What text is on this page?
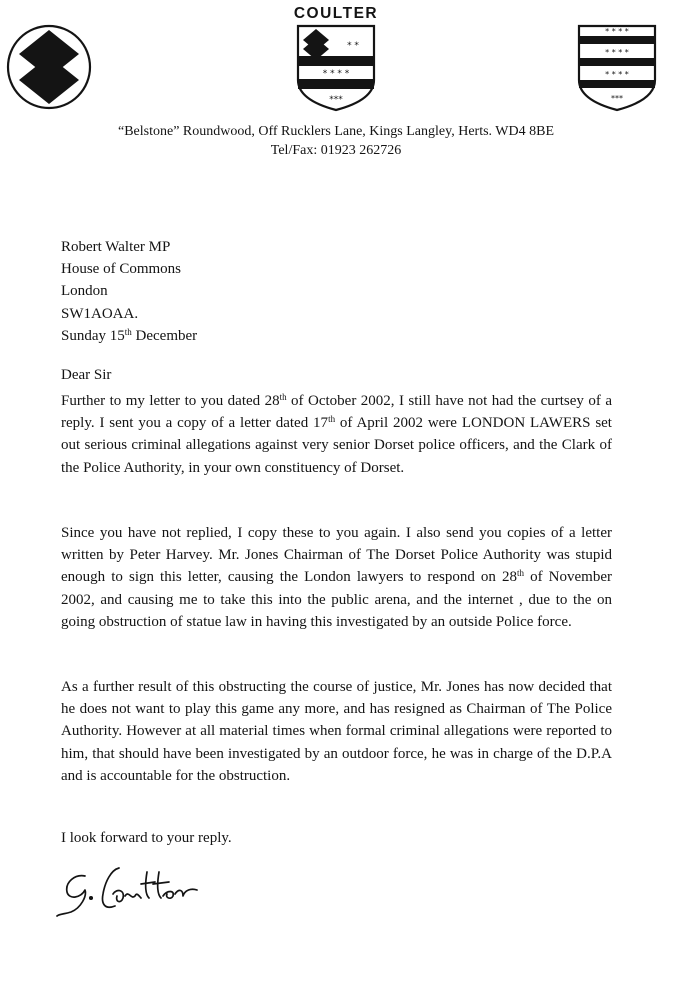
COULTER
* *
* * * *
***
* * * *
* * * *
* * * *
***
“Belstone” Roundwood, Off Rucklers Lane, Kings Langley, Herts. WD4 8BE
Tel/Fax: 01923 262726
Robert Walter MP
House of Commons
London
SW1AOAA.
Sunday 15th December
Dear Sir
Further to my letter to you dated 28th of October 2002, I still have not had the curtsey of a reply. I sent you a copy of a letter dated 17th of April 2002 were LONDON LAWERS set out serious criminal allegations against very senior Dorset police officers, and the Clark of the Police Authority, in your own constituency of Dorset.
Since you have not replied, I copy these to you again. I also send you copies of a letter written by Peter Harvey. Mr. Jones Chairman of The Dorset Police Authority was stupid enough to sign this letter, causing the London lawyers to respond on 28th of November 2002, and causing me to take this into the public arena, and the internet , due to the on going obstruction of statue law in having this investigated by an outside Police force.
As a further result of this obstructing the course of justice, Mr. Jones has now decided that he does not want to play this game any more, and has resigned as Chairman of The Police Authority. However at all material times when formal criminal allegations were reported to him, that should have been investigated by an outdoor force, he was in charge of the D.P.A and is accountable for the obstruction.
I look forward to your reply.
